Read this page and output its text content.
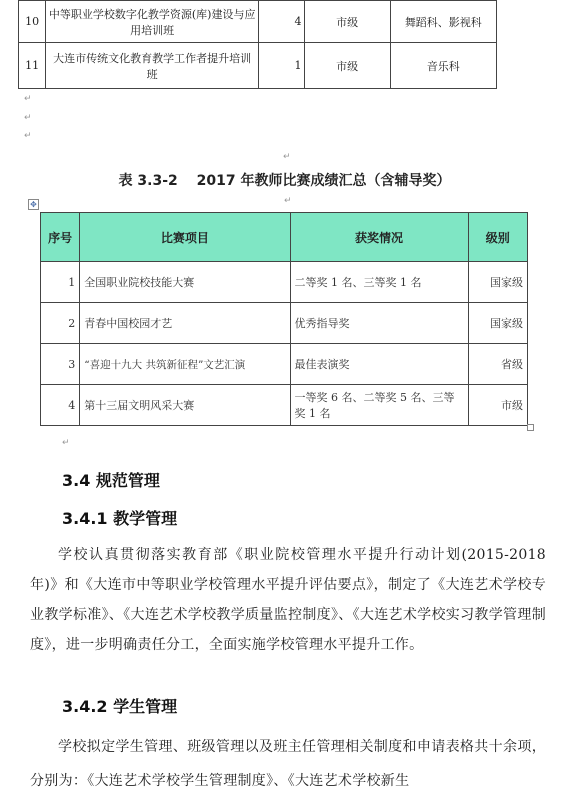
10	中等职业学校数字化教学资源(库)建设与应用培训班	4	市级	舞蹈科、影视科
11	大连市传统文化教育教学工作者提升培训班	1	市级	音乐科
↵
↵
↵
↵
表 3.3-2　 2017 年教师比赛成绩汇总（含辅导奖）
↵
✥
序号	比赛项目	获奖情况	级别
1	全国职业院校技能大赛	二等奖 1 名、三等奖 1 名	国家级
2	青春中国校园才艺	优秀指导奖	国家级
3	“喜迎十九大 共筑新征程”文艺汇演	最佳表演奖	省级
4	第十三届文明风采大赛	一等奖 6 名、二等奖 5 名、三等奖 1 名	市级
↵
3.4 规范管理
3.4.1 教学管理
学校认真贯彻落实教育部《职业院校管理水平提升行动计划(2015-2018 年)》和《大连市中等职业学校管理水平提升评估要点》，制定了《大连艺术学校专业教学标准》、《大连艺术学校教学质量监控制度》、《大连艺术学校实习教学管理制度》，进一步明确责任分工，全面实施学校管理水平提升工作。
3.4.2 学生管理
学校拟定学生管理、班级管理以及班主任管理相关制度和申请表格共十余项，分别为：《大连艺术学校学生管理制度》、《大连艺术学校新生
